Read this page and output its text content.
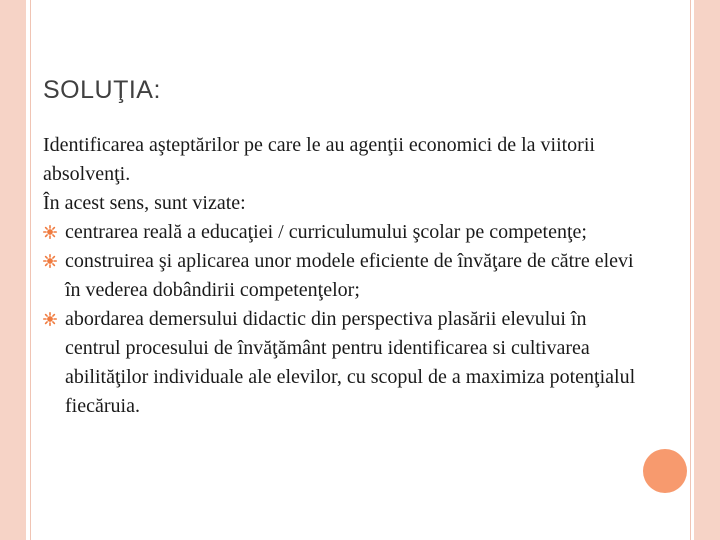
SOLUŢIA:

Identificarea aşteptărilor pe care le au agenţii economici de la viitorii absolvenţi.

În acest sens, sunt vizate:

centrarea reală a educaţiei / curriculumului şcolar pe competenţe;
construirea şi aplicarea unor modele eficiente de învăţare de către elevi în vederea dobândirii competenţelor;
abordarea demersului didactic din perspectiva plasării elevului în centrul procesului de învăţământ pentru identificarea si cultivarea abilităţilor individuale ale elevilor, cu scopul de a maximiza potenţialul fiecăruia.
